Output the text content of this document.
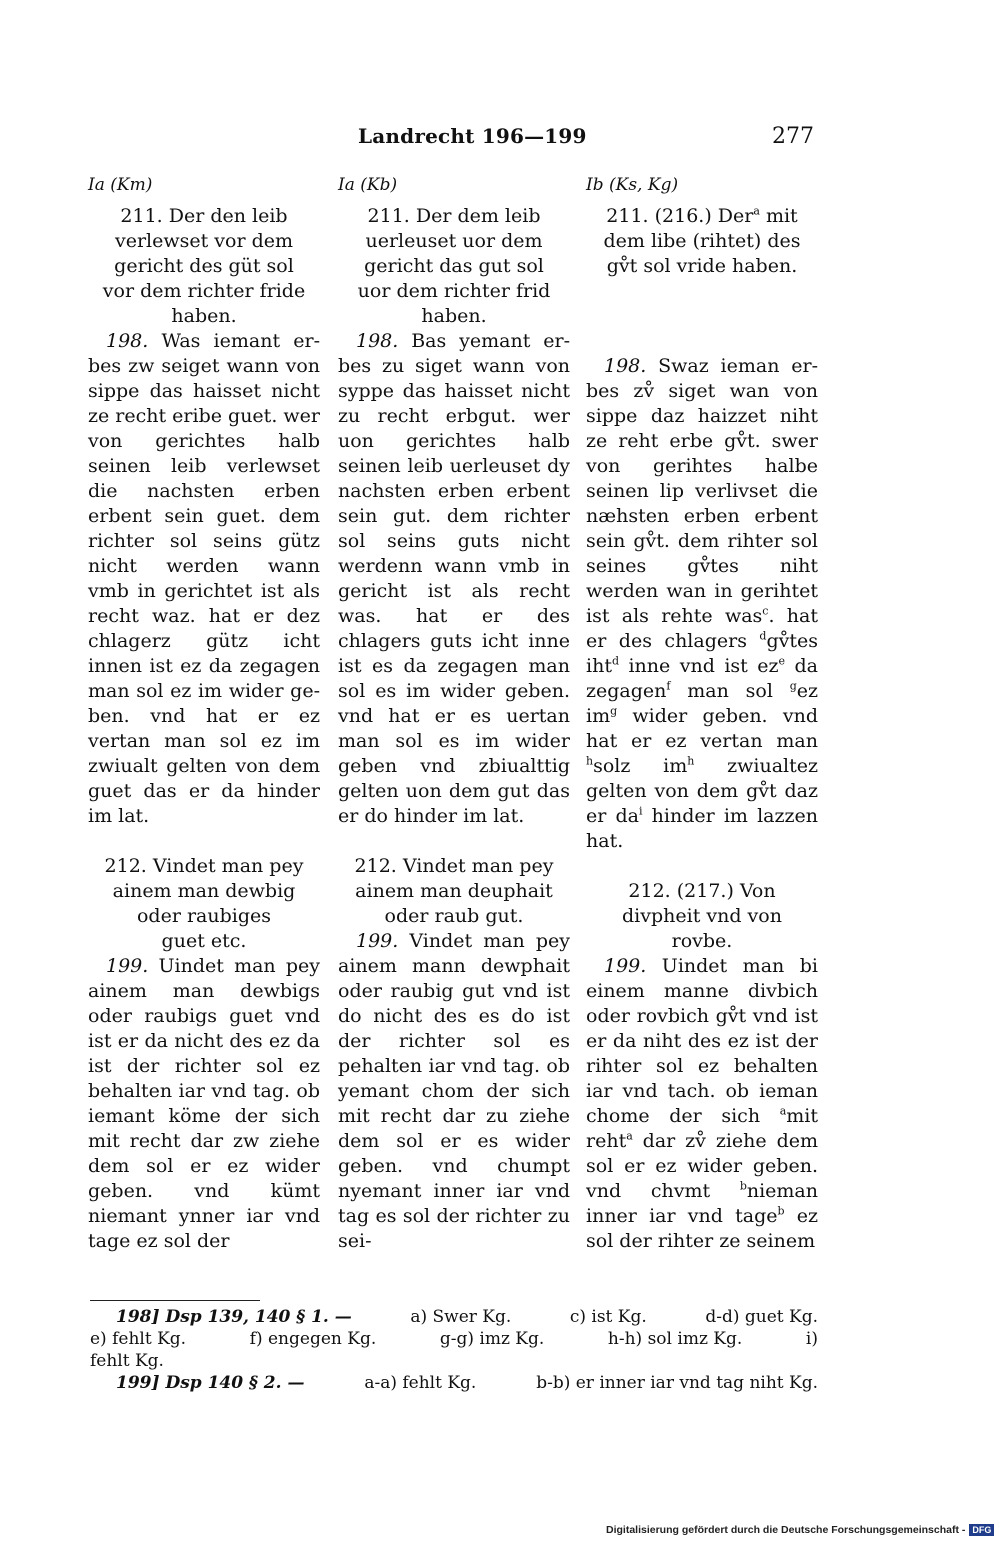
Landrecht 196—199	277
Ia (Km)	Ia (Kb)	Ib (Ks, Kg)
211. Der den leib
verlewset vor dem
gericht des güt sol
vor dem richter fride
haben.
198. Was iemant erbes zw seiget wann von sippe das haisset nicht ze recht eribe guet. wer von gerichtes halb seinen leib verlewset die nachsten erben erbent sein guet. dem richter sol seins gütz nicht werden wann vmb in gerichtet ist als recht waz. hat er dez chlagerz gütz icht innen ist ez da zegagen man sol ez im wider geben. vnd hat er ez vertan man sol ez im zwiualt gelten von dem guet das er da hinder im lat.
212. Vindet man pey
ainem man dewbig
oder raubiges
guet etc.
199. Uindet man pey ainem man dewbigs oder raubigs guet vnd ist er da nicht des ez da ist der richter sol ez behalten iar vnd tag. ob iemant köme der sich mit recht dar zw ziehe dem sol er ez wider geben. vnd kümt niemant ynner iar vnd tage ez sol der
211. Der dem leib
uerleuset uor dem
gericht das gut sol
uor dem richter frid
haben.
198. Bas yemant erbes zu siget wann von syppe das haisset nicht zu recht erbgut. wer uon gerichtes halb seinen leib uerleuset dy nachsten erben erbent sein gut. dem richter sol seins guts nicht werdenn wann vmb in gericht ist als recht was. hat er des chlagers guts icht inne ist es da zegagen man sol es im wider geben. vnd hat er es uertan man sol es im wider geben vnd zbiualttig gelten uon dem gut das er do hinder im lat.
212. Vindet man pey
ainem man deuphait
oder raub gut.
199. Vindet man pey ainem mann dewphait oder raubig gut vnd ist do nicht des es do ist der richter sol es pehalten iar vnd tag. ob yemant chom der sich mit recht dar zu ziehe dem sol er es wider geben. vnd chumpt nyemant inner iar vnd tag es sol der richter zu sei-
211. (216.) Der$^a$ mit
dem libe (rihtet) des
gv̊t sol vride haben.
198. Swaz ieman erbes zv̊ siget wan von sippe daz haizzet niht ze reht erbe gv̊t. swer von gerihtes halbe seinen lip verlivset die næhsten erben erbent sein gv̊t. dem rihter sol seines gv̊tes niht werden wan in gerihtet ist als rehte was$^c$. hat er des chlagers $^d$gv̊tes iht$^d$ inne vnd ist $ez^e$ da zegagen$^f$ man sol $^g$ez $im^g$ wider geben. vnd hat er ez vertan man $^h$solz $im^h$ zwiualtez gelten von dem gv̊t daz er $da^i$ hinder im lazzen hat.
212. (217.) Von
divpheit vnd von
rovbe.
199. Uindet man bi einem manne divbich oder rovbich gv̊t vnd ist er da niht des ez ist der rihter sol ez behalten iar vnd tach. ob ieman chome der sich $^a$mit reht$^a$ dar zv̊ ziehe dem sol er ez wider geben. vnd chvmt $^b$nieman inner iar vnd tage$^b$ ez sol der rihter ze seinem
198] Dsp 139, 140 § 1. —	a) Swer Kg.	c) ist Kg.	d-d) guet Kg.
e) fehlt Kg.	f) engegen Kg.	g-g) imz Kg.	h-h) sol imz Kg.	i)
fehlt Kg.
199] Dsp 140 § 2. —	a-a) fehlt Kg.	b-b) er inner iar vnd tag niht Kg.
Digitalisierung gefördert durch die Deutsche Forschungsgemeinschaft - DFG
